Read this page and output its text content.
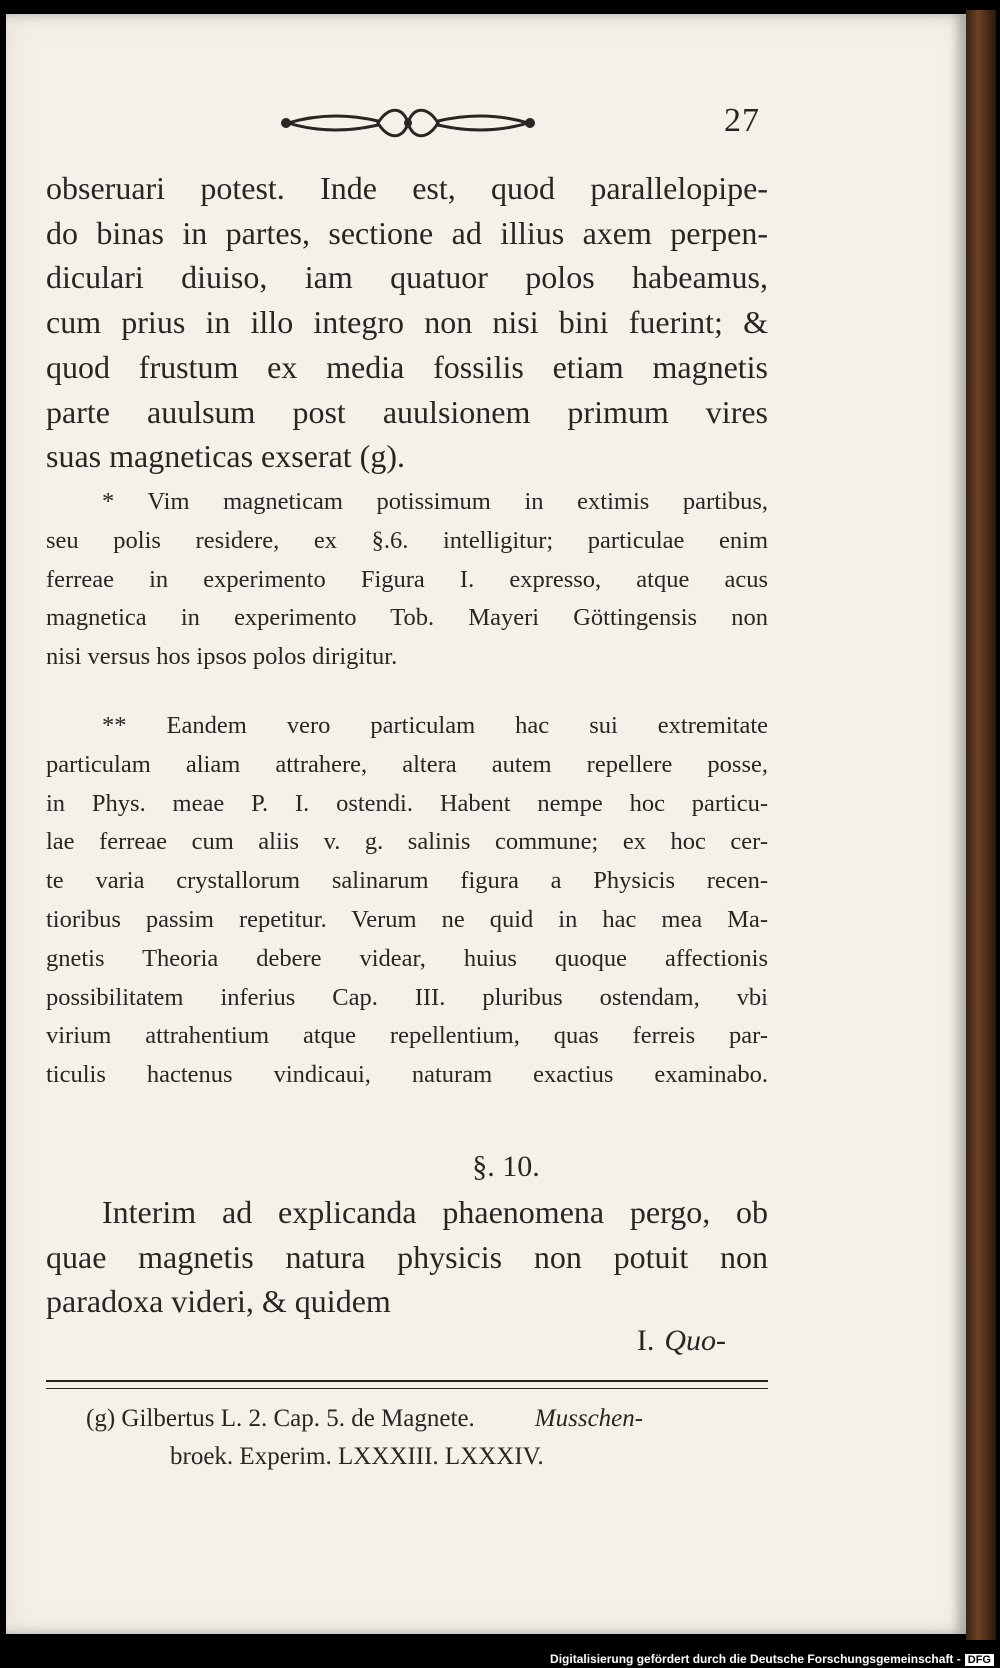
27
obseruari potest. Inde est, quod parallelopipe-
do binas in partes, sectione ad illius axem perpen-
diculari diuiso, iam quatuor polos habeamus,
cum prius in illo integro non nisi bini fuerint; &
quod frustum ex media fossilis etiam magnetis
parte auulsum post auulsionem primum vires
suas magneticas exserat (g).
* Vim magneticam potissimum in extimis partibus,
seu polis residere, ex §.6. intelligitur; particulae enim
ferreae in experimento Figura I. expresso, atque acus
magnetica in experimento Tob. Mayeri Göttingensis non
nisi versus hos ipsos polos dirigitur.
** Eandem vero particulam hac sui extremitate
particulam aliam attrahere, altera autem repellere posse,
in Phys. meae P. I. ostendi. Habent nempe hoc particu-
lae ferreae cum aliis v. g. salinis commune; ex hoc cer-
te varia crystallorum salinarum figura a Physicis recen-
tioribus passim repetitur. Verum ne quid in hac mea Ma-
gnetis Theoria debere videar, huius quoque affectionis
possibilitatem inferius Cap. III. pluribus ostendam, vbi
virium attrahentium atque repellentium, quas ferreis par-
ticulis hactenus vindicaui, naturam exactius examinabo.
§. 10.
Interim ad explicanda phaenomena pergo, ob
quae magnetis natura physicis non potuit non
paradoxa videri, & quidem
I. Quo-
(g) Gilbertus L. 2. Cap. 5. de Magnete. Musschen-
broek. Experim. LXXXIII. LXXXIV.
Digitalisierung gefördert durch die Deutsche Forschungsgemeinschaft - DFG
